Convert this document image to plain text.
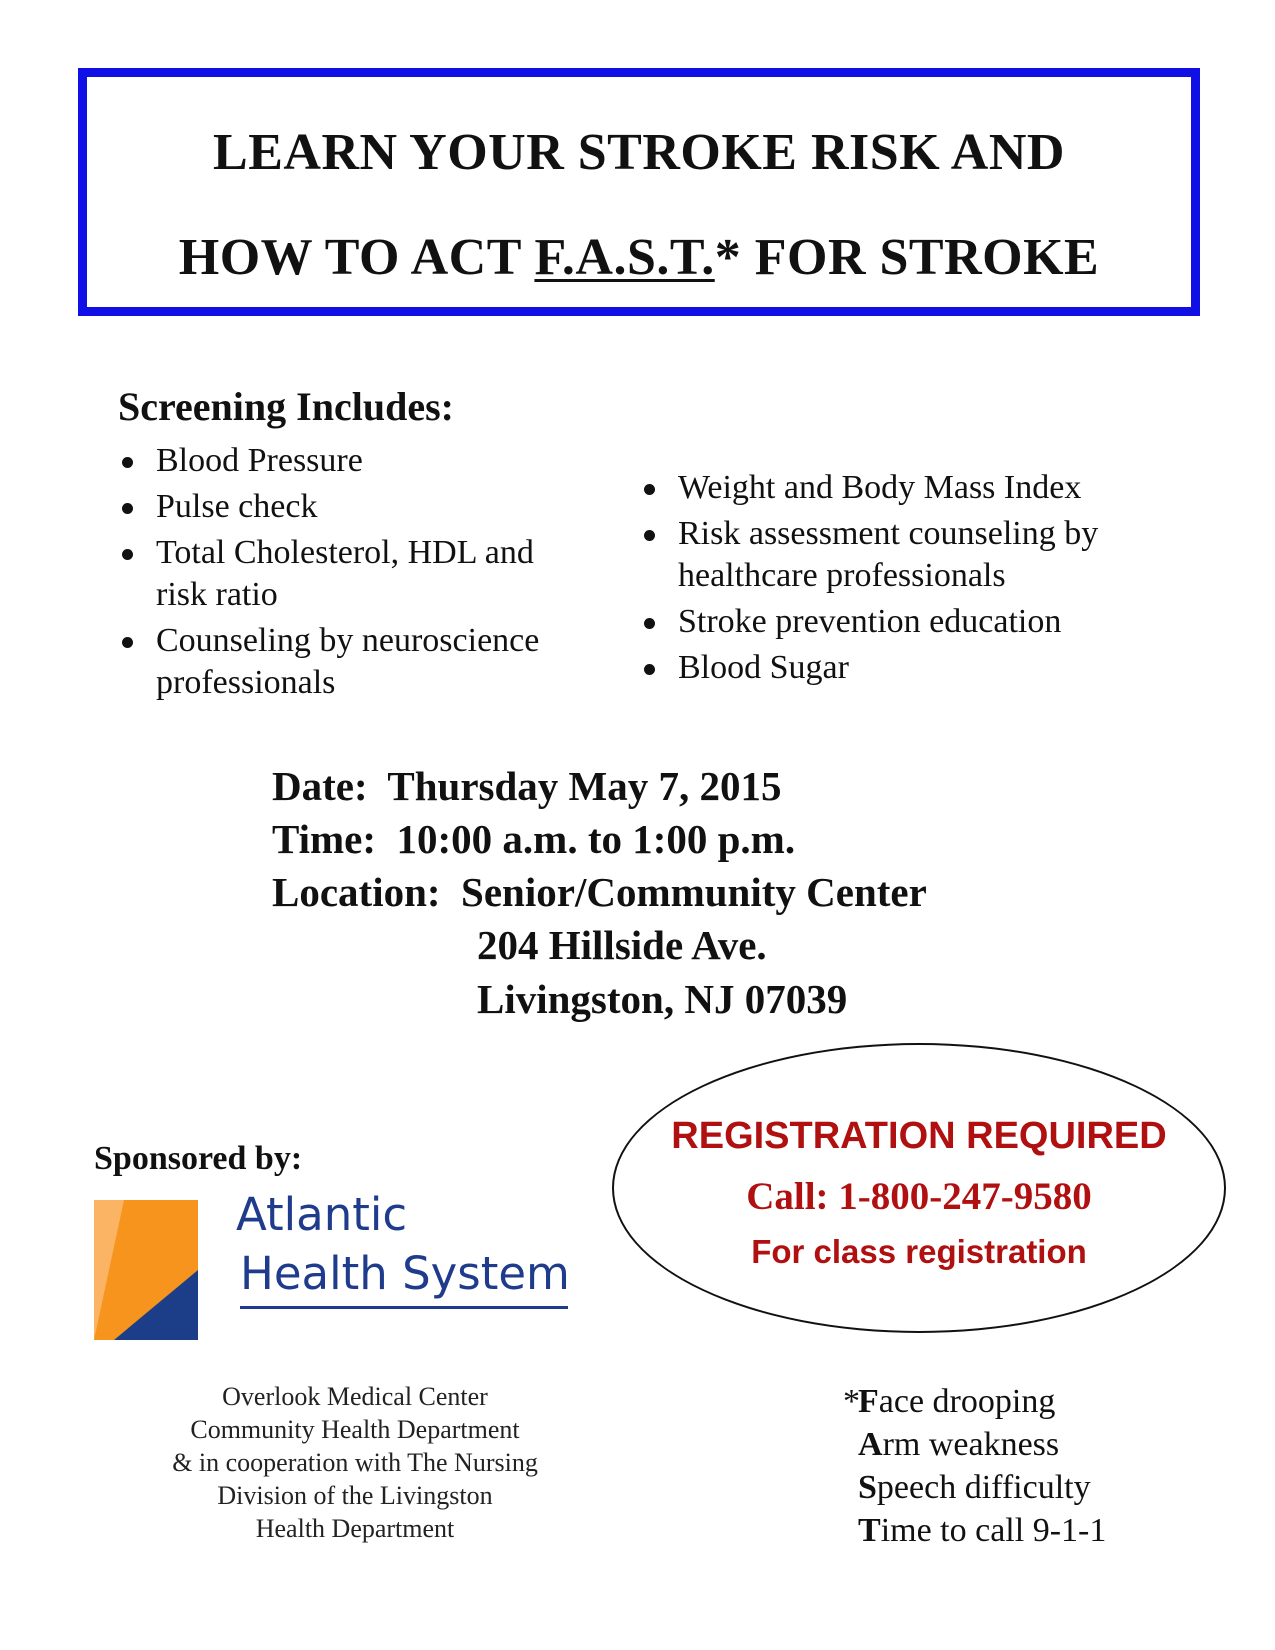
LEARN YOUR STROKE RISK AND
HOW TO ACT F.A.S.T.* FOR STROKE
Screening Includes:
Blood Pressure
Pulse check
Total Cholesterol, HDL and risk ratio
Counseling by neuroscience professionals
Weight and Body Mass Index
Risk assessment counseling by healthcare professionals
Stroke prevention education
Blood Sugar
Date: Thursday May 7, 2015
Time: 10:00 a.m. to 1:00 p.m.
Location: Senior/Community Center
204 Hillside Ave.
Livingston, NJ 07039
Sponsored by:
Atlantic
Health System
Overlook Medical Center
Community Health Department
& in cooperation with The Nursing
Division of the Livingston
Health Department
REGISTRATION REQUIRED
Call: 1-800-247-9580
For class registration
*
Face drooping
Arm weakness
Speech difficulty
Time to call 9-1-1
